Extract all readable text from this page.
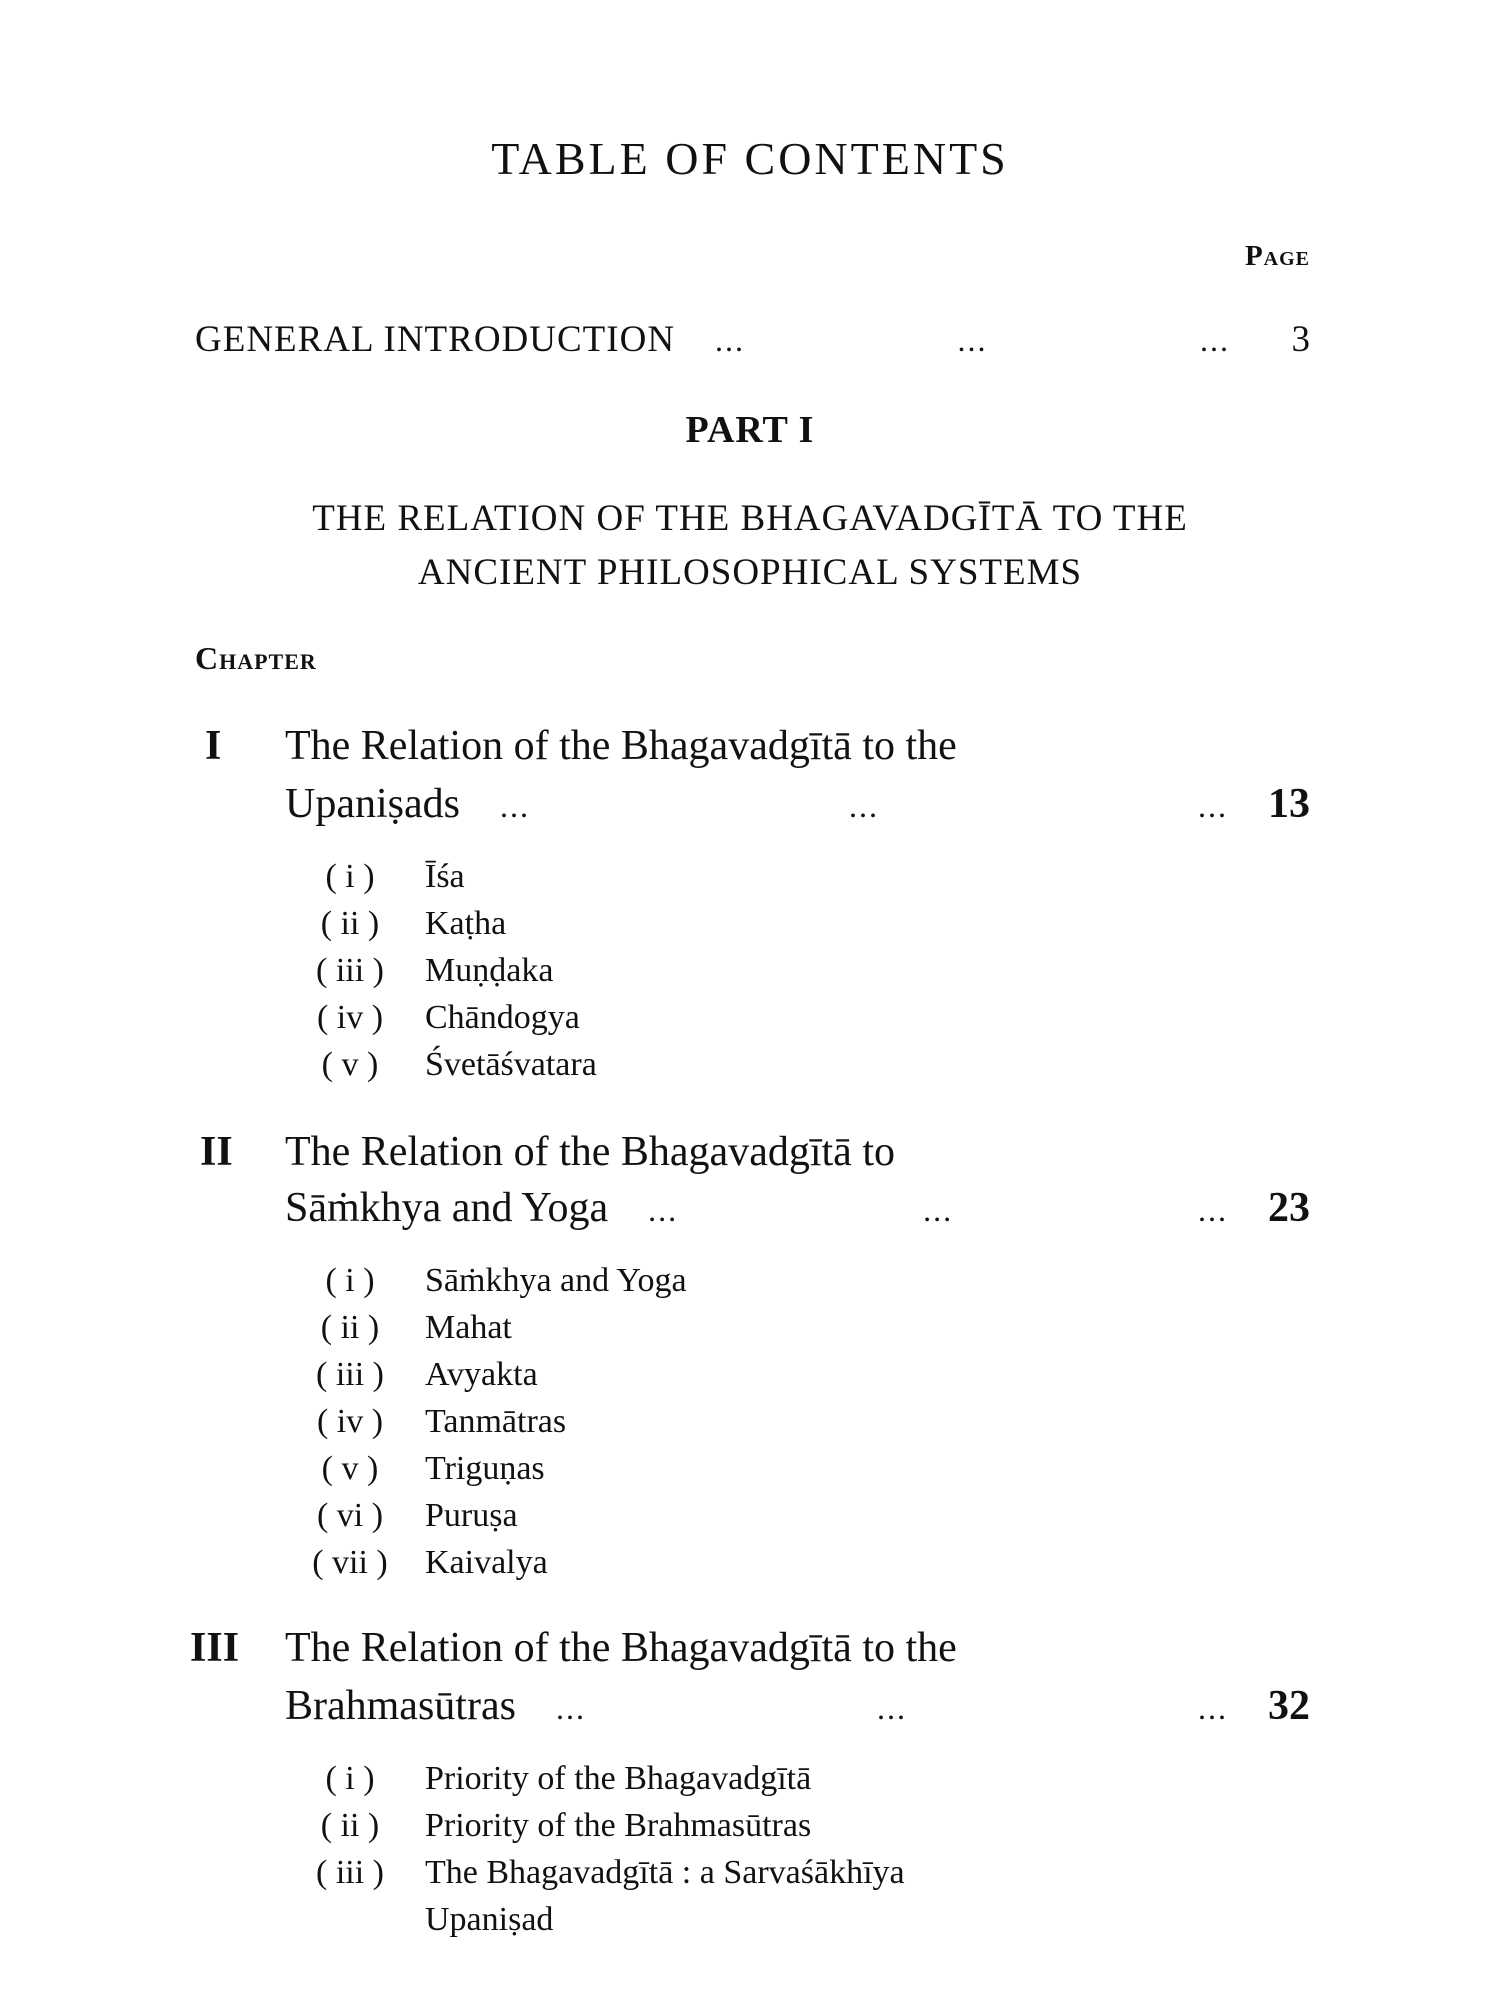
TABLE OF CONTENTS
Page
GENERAL INTRODUCTION ...	...	...	3
PART I
THE RELATION OF THE BHAGAVADGĪTĀ TO THE
ANCIENT PHILOSOPHICAL SYSTEMS
Chapter
I The Relation of the Bhagavadgītā to the
Upaniṣads ...	...	... 13
( i )	Īśa
( ii )	Kaṭha
( iii ) Muṇḍaka
( iv ) Chāndogya
( v )	Śvetāśvatara
II The Relation of the Bhagavadgītā to
Sāṁkhya and Yoga ...	...	... 23
( i )	Sāṁkhya and Yoga
( ii )	Mahat
( iii ) Avyakta
( iv ) Tanmātras
( v )	Triguṇas
( vi ) Puruṣa
( vii ) Kaivalya
III The Relation of the Bhagavadgītā to the
Brahmasūtras ...	...	... 32
( i )	Priority of the Bhagavadgītā
( ii )	Priority of the Brahmasūtras
( iii ) The Bhagavadgītā : a Sarvaśākhīya
Upaniṣad
